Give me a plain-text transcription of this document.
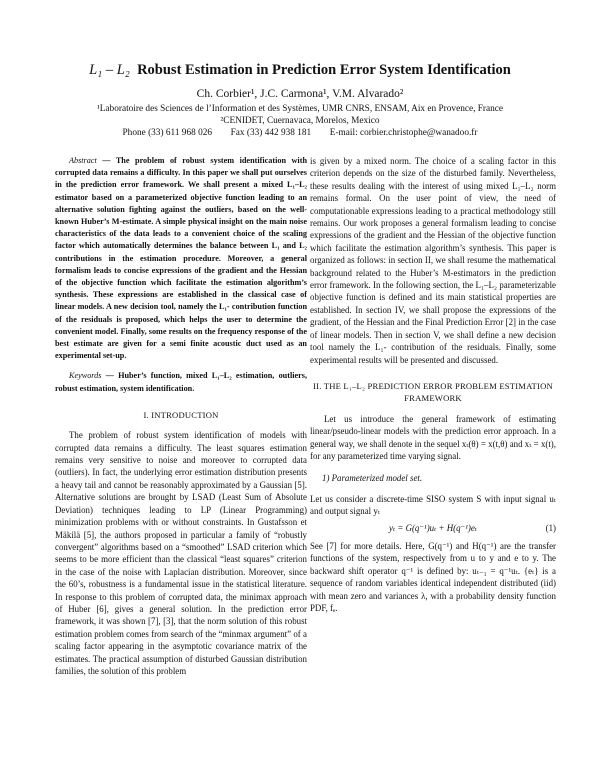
L₁ – L₂ Robust Estimation in Prediction Error System Identification
Ch. Corbier¹, J.C. Carmona¹, V.M. Alvarado²
¹Laboratoire des Sciences de l’Information et des Systèmes, UMR CNRS, ENSAM, Aix en Provence, France
²CENIDET, Cuernavaca, Morelos, Mexico
Phone (33) 611 968 026        Fax (33) 442 938 181        E-mail: corbier.christophe@wanadoo.fr
Abstract — The problem of robust system identification with corrupted data remains a difficulty. In this paper we shall put ourselves in the prediction error framework. We shall present a mixed L₁–L₂ estimator based on a parameterized objective function leading to an alternative solution fighting against the outliers, based on the well-known Huber’s M-estimate. A simple physical insight on the main noise characteristics of the data leads to a convenient choice of the scaling factor which automatically determines the balance between L₁ and L₂ contributions in the estimation procedure. Moreover, a general formalism leads to concise expressions of the gradient and the Hessian of the objective function which facilitate the estimation algorithm’s synthesis. These expressions are established in the classical case of linear models. A new decision tool, namely the L₁- contribution function of the residuals is proposed, which helps the user to determine the convenient model. Finally, some results on the frequency response of the best estimate are given for a semi finite acoustic duct used as an experimental set-up.
Keywords — Huber’s function, mixed L₁–L₂ estimation, outliers, robust estimation, system identification.
I. INTRODUCTION

The problem of robust system identification of models with corrupted data remains a difficulty. The least squares estimation remains very sensitive to noise and moreover to corrupted data (outliers). In fact, the underlying error estimation distribution presents a heavy tail and cannot be reasonably approximated by a Gaussian [5]. Alternative solutions are brought by LSAD (Least Sum of Absolute Deviation) techniques leading to LP (Linear Programming) minimization problems with or without constraints. In Gustafsson et Mäkilä [5], the authors proposed in particular a family of “robustly convergent” algorithms based on a “smoothed” LSAD criterion which seems to be more efficient than the classical “least squares” criterion in the case of the noise with Laplacian distribution. Moreover, since the 60’s, robustness is a fundamental issue in the statistical literature. In response to this problem of corrupted data, the minimax approach of Huber [6], gives a general solution. In the prediction error framework, it was shown [7], [3], that the norm solution of this robust estimation problem comes from search of the “minmax argument” of a scaling factor appearing in the asymptotic covariance matrix of the estimates. The practical assumption of disturbed Gaussian distribution families, the solution of this problem

is given by a mixed norm. The choice of a scaling factor in this criterion depends on the size of the disturbed family. Nevertheless, these results dealing with the interest of using mixed L₁–L₂ norm remains formal. On the user point of view, the need of computationable expressions leading to a practical methodology still remains. Our work proposes a general formalism leading to concise expressions of the gradient and the Hessian of the objective function which facilitate the estimation algorithm’s synthesis. This paper is organized as follows: in section II, we shall resume the mathematical background related to the Huber’s M-estimators in the prediction error framework. In the following section, the L₁–L₂ parameterizable objective function is defined and its main statistical properties are established. In section IV, we shall propose the expressions of the gradient, of the Hessian and the Final Prediction Error [2] in the case of linear models. Then in section V, we shall define a new decision tool namely the L₁- contribution of the residuals. Finally, some experimental results will be presented and discussed.

II. THE L₁–L₂ PREDICTION ERROR PROBLEM ESTIMATION FRAMEWORK

Let us introduce the general framework of estimating linear/pseudo-linear models with the prediction error approach. In a general way, we shall denote in the sequel xₜ(θ) = x(t,θ) and xₜ = x(t), for any parameterized time varying signal.

1) Parameterized model set.

Let us consider a discrete-time SISO system S with input signal uₜ and output signal yₜ

yₜ = G(q⁻¹)uₜ + H(q⁻¹)eₜ	(1)

See [7] for more details. Here, G(q⁻¹) and H(q⁻¹) are the transfer functions of the system, respectively from u to y and e to y. The backward shift operator q⁻¹ is defined by: uₜ₋₁ = q⁻¹uₜ. {eₜ} is a sequence of random variables identical independent distributed (iid) with mean zero and variances λ, with a probability density function PDF, fₑ.
